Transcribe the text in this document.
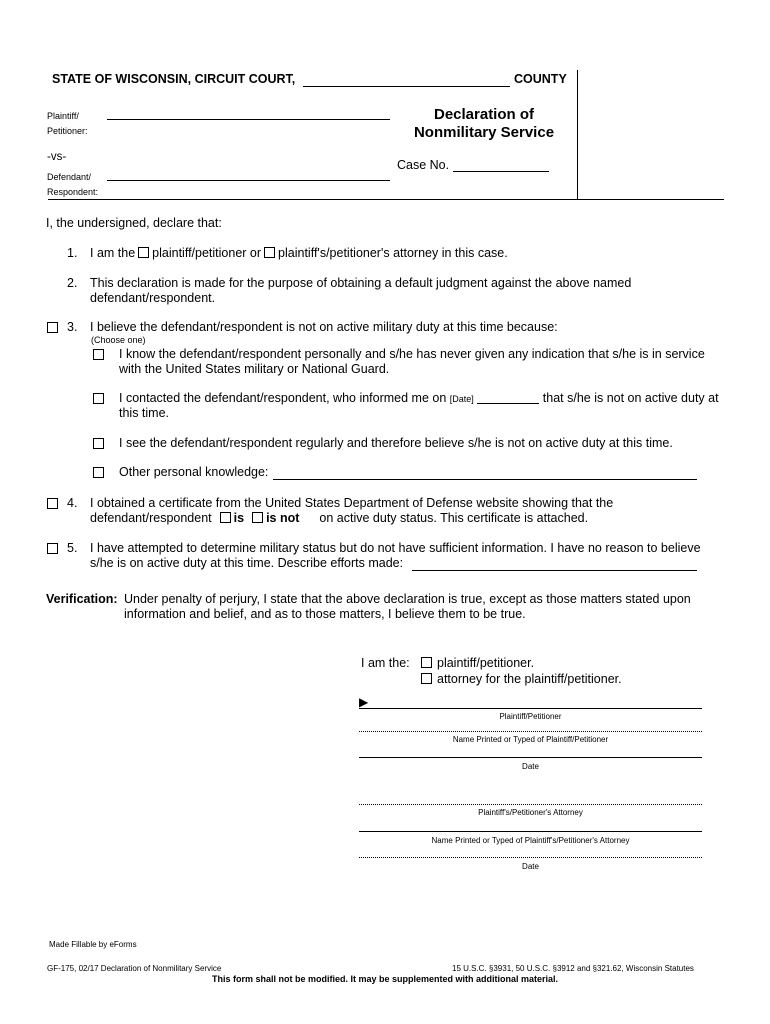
STATE OF WISCONSIN, CIRCUIT COURT,	COUNTY
Plaintiff/
Petitioner:
-vs-
Defendant/
Respondent:
Declaration of
Nonmilitary Service
Case No.
I, the undersigned, declare that:
1. I am the plaintiff/petitioner or plaintiff's/petitioner's attorney in this case.
2. This declaration is made for the purpose of obtaining a default judgment against the above named
defendant/respondent.
3. I believe the defendant/respondent is not on active military duty at this time because:
(Choose one)
I know the defendant/respondent personally and s/he has never given any indication that s/he is in service
with the United States military or National Guard.
I contacted the defendant/respondent, who informed me on [Date]	that s/he is not on active duty at
this time.
I see the defendant/respondent regularly and therefore believe s/he is not on active duty at this time.
Other personal knowledge:
4. I obtained a certificate from the United States Department of Defense website showing that the
defendant/respondent is is not on active duty status. This certificate is attached.
5. I have attempted to determine military status but do not have sufficient information. I have no reason to believe
s/he is on active duty at this time. Describe efforts made:
Verification: Under penalty of perjury, I state that the above declaration is true, except as those matters stated upon
information and belief, and as to those matters, I believe them to be true.
I am the: plaintiff/petitioner.
attorney for the plaintiff/petitioner.
▶
Plaintiff/Petitioner
Name Printed or Typed of Plaintiff/Petitioner
Date
Plaintiff's/Petitioner's Attorney
Name Printed or Typed of Plaintiff's/Petitioner's Attorney
Date
Made Fillable by eForms
GF-175, 02/17 Declaration of Nonmilitary Service	15 U.S.C. §3931, 50 U.S.C. §3912 and §321.62, Wisconsin Statutes
This form shall not be modified. It may be supplemented with additional material.
